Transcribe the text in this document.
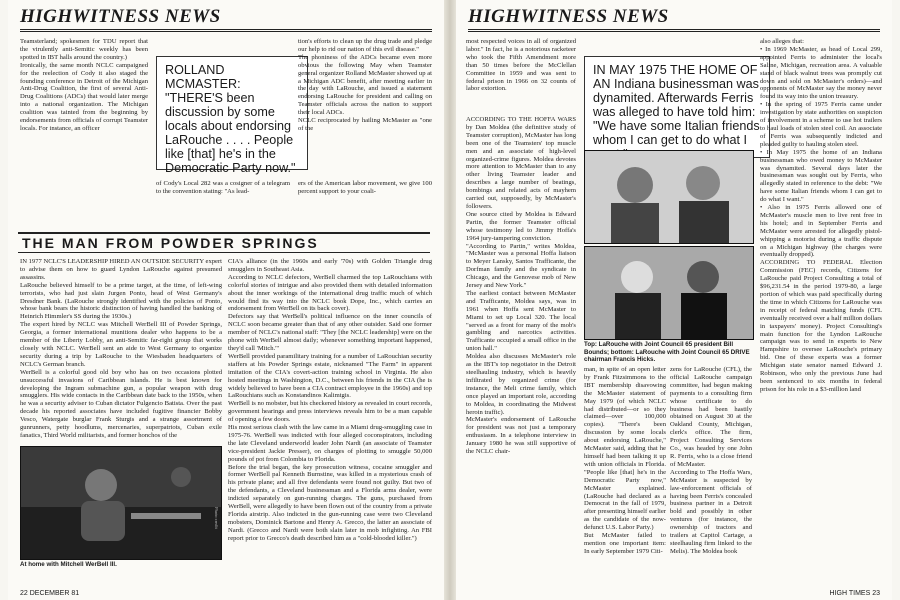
HIGHWITNESS NEWS
Teamsterland; spokesmen for TDU report that the virulently anti-Semitic weekly has been spotted in IBT halls around the country.)
Ironically, the same month NCLC campaigned for the reelection of Cody it also staged the founding conference in Detroit of the Michigan Anti-Drug Coalition, the first of several Anti-Drug Coalitions (ADCs) that would later merge into a national organization. The Michigan coalition was tainted from the beginning by endorsements from officials of corrupt Teamster locals. For instance, an officer
ROLLAND MCMASTER: "THERE'S been discussion by some locals about endorsing LaRouche . . . . People like [that] he's in the Democratic Party now."
of Cody's Local 282 was a cosigner of a telegram to the convention stating: "As lead-
tion's efforts to clean up the drug trade and pledge our help to rid our nation of this evil disease."
The phoniness of the ADCs became even more obvious the following May when Teamster general organizer Rolland McMaster showed up at a Michigan ADC benefit, after meeting earlier in the day with LaRouche, and issued a statement endorsing LaRouche for president and calling on Teamster officials across the nation to support their local ADCs.
NCLC reciprocated by hailing McMaster as "one of the
ers of the American labor movement, we give 100 percent support to your coali-
THE MAN FROM POWDER SPRINGS
IN 1977 NCLC'S LEADERSHIP HIRED AN OUTSIDE SECURITY expert to advise them on how to guard Lyndon LaRouche against presumed assassins.
LaRouche believed himself to be a prime target, at the time, of left-wing terrorists, who had just slain Jurgen Ponto, head of West Germany's Dresdner Bank. (LaRouche strongly identified with the policies of Ponto, whose bank bears the historic distinction of having handled the banking of Heinrich Himmler's SS during the 1930s.)
The expert hired by NCLC was Mitchell WerBell III of Powder Springs, Georgia, a former international munitions dealer who happens to be a member of the Liberty Lobby, an anti-Semitic far-right group that works closely with NCLC. WerBell sent an aide to West Germany to organize security during a trip by LaRouche to the Wiesbaden headquarters of NCLC's German branch.
WerBell is a colorful good old boy who has on two occasions plotted unsuccessful invasions of Caribbean islands. He is best known for developing the Ingram submachine gun, a popular weapon with drug smugglers. His wide contacts in the Caribbean date back to the 1950s, when he was a security adviser to Cuban dictator Fulgencio Batista. Over the past decade his reported associates have included fugitive financier Bobby Vesco, Watergate burglar Frank Sturgis and a strange assortment of gunrunners, petty hoodlums, mercenaries, superpatriots, Cuban exile fanatics, Third World militarists, and former honchos of the
Photo credit
At home with Mitchell WerBell III.
CIA's alliance (in the 1960s and early '70s) with Golden Triangle drug smugglers in Southeast Asia.
According to NCLC defectors, WerBell charmed the top LaRouchians with colorful stories of intrigue and also provided them with detailed information about the inner workings of the international drug traffic much of which would find its way into the NCLC book Dope, Inc., which carries an endorsement from WerBell on its back cover).
Defectors say that WerBell's political influence on the inner councils of NCLC soon became greater than that of any other outsider. Said one former member of NCLC's national staff: "They [the NCLC leadership] were on the phone with WerBell almost daily; whenever something important happened, they'd call 'Mitch.'"
WerBell provided paramilitary training for a number of LaRouchian security staffers at his Powder Springs estate, nicknamed "The Farm" in apparent imitation of the CIA's covert-action training school in Virginia. He also hosted meetings in Washington, D.C., between his friends in the CIA (he is widely believed to have been a CIA contract employee in the 1960s) and top LaRouchians such as Konstandinos Kalimtgis.
WerBell is no mobster, but his checkered history as revealed in court records, government hearings and press interviews reveals him to be a man capable of opening a few doors.
His most serious clash with the law came in a Miami drug-smuggling case in 1975-76. WerBell was indicted with four alleged coconspirators, including the late Cleveland underworld leader John Nardi (an associate of Teamster vice-president Jackie Presser), on charges of plotting to smuggle 50,000 pounds of pot from Colombia to Florida.
Before the trial began, the key prosecution witness, cocaine smuggler and former WerBell pal Kenneth Burnstine, was killed in a mysterious crash of his private plane; and all five defendants were found not guilty. But two of the defendants, a Cleveland businessman and a Florida arms dealer, were indicted separately on gun-running charges. The guns, purchased from WerBell, were allegedly to have been flown out of the country from a private Florida airstrip. Also indicted in the gun-running case were two Cleveland mobsters, Dominick Bartone and Henry A. Grecco, the latter an associate of Nardi. (Grecco and Nardi were both slain later in mob infighting. An FBI report prior to Grecco's death described him as a "cold-blooded killer.")
22 DECEMBER 81
HIGHWITNESS NEWS
most respected voices in all of organized labor." In fact, he is a notorious racketeer who took the Fifth Amendment more than 50 times before the McClellan Committee in 1959 and was sent to federal prison in 1966 on 32 counts of labor extortion.
IN MAY 1975 THE HOME OF AN Indiana businessman was dynamited. Afterwards Ferris was alleged to have told him: "We have some Italian friends whom I can get to do what I
ACCORDING TO THE HOFFA WARS by Dan Moldea (the definitive study of Teamster corruption), McMaster has long been one of the Teamsters' top muscle men and an associate of high-level organized-crime figures. Moldea devotes more attention to McMaster than to any other living Teamster leader and describes a large number of beatings, bombings and related acts of mayhem carried out, supposedly, by McMaster's followers.
One source cited by Moldea is Edward Partin, the former Teamster official whose testimony led to Jimmy Hoffa's 1964 jury-tampering conviction.
"According to Partin," writes Moldea, "McMaster was a personal Hoffa liaison to Meyer Lansky, Santos Trafficante, the Dorfman family and the syndicate in Chicago, and the Genovese mob of New Jersey and New York."
The earliest contact between McMaster and Trafficante, Moldea says, was in 1961 when Hoffa sent McMaster to Miami to set up Local 320. The local "served as a front for many of the mob's gambling and narcotics activities. Trafficante occupied a small office in the union hall."
Moldea also discusses McMaster's role as the IBT's top negotiator in the Detroit steelhauling industry, which is heavily infiltrated by organized crime (for instance, the Meli crime family, which once played an important role, according to Moldea, in coordinating the Midwest heroin traffic).
McMaster's endorsement of LaRouche for president was not just a temporary enthusiasm. In a telephone interview in January 1980 he was still supportive of the NCLC chair-
Top: LaRouche with Joint Council 65 president Bill Bounds; bottom: LaRouche with Joint Council 65 DRIVE chairman Francis Hicks.
man, in spite of an open letter by Frank Fitzsimmons to the IBT membership disavowing the McMaster statement of May 1979 (of which NCLC had distributed—or so they claimed—over 100,000 copies). "There's been discussion by some locals about endorsing LaRouche," McMaster said, adding that he himself had been talking it up with union officials in Florida. "People like [that] he's in the Democratic Party now," McMaster explained. (LaRouche had declared as a Democrat in the fall of 1979, after presenting himself earlier as the candidate of the now-defunct U.S. Labor Party.)
But McMaster failed to mention one important item: In early September 1979 Citi-
zens for LaRouche (CFL), the official LaRouche campaign committee, had begun making payments to a consulting firm whose certificate to do business had been hastily obtained on August 30 at the Oakland County, Michigan, clerk's office. The firm, Project Consulting Services Co., was headed by one John R. Ferris, who is a close friend of McMaster.
According to The Hoffa Wars, McMaster is suspected by law-enforcement officials of having been Ferris's concealed business partner in a Detroit bold and possibly in other ventures (for instance, the ownership of tractors and trailers at Capitol Cartage, a steelhauling firm linked to the Melis). The Moldea book
also alleges that:
• In 1969 McMaster, as head of Local 299, appointed Ferris to administer the local's Saline, Michigan, recreation area. A valuable stand of black walnut trees was promptly cut down and sold on McMaster's orders)—and opponents of McMaster say the money never found its way into the union treasury.
• In the spring of 1975 Ferris came under investigation by state authorities on suspicion of involvement in a scheme to use hot trailers to haul loads of stolen steel coil. An associate of Ferris was subsequently indicted and pleaded guilty to hauling stolen steel.
• In May 1975 the home of an Indiana businessman who owed money to McMaster was dynamited. Several days later the businessman was sought out by Ferris, who allegedly stated in reference to the debt: "We have some Italian friends whom I can get to do what I want."
• Also in 1975 Ferris allowed one of McMaster's muscle men to live rent free in his hotel; and in September Ferris and McMaster were arrested for allegedly pistol-whipping a motorist during a traffic dispute on a Michigan highway (the charges were eventually dropped).
ACCORDING TO FEDERAL Election Commission (FEC) records, Citizens for LaRouche paid Project Consulting a total of $96,231.54 in the period 1979-80, a large portion of which was paid specifically during the time in which Citizens for LaRouche was in receipt of federal matching funds (CFL eventually received over a half million dollars in taxpayers' money). Project Consulting's main function for the Lyndon LaRouche campaign was to send in experts to New Hampshire to oversee LaRouche's primary bid. One of these experts was a former Michigan state senator named Edward J. Robinson, who only the previous June had been sentenced to six months in federal prison for his role in a $3-million land
HIGH TIMES 23
